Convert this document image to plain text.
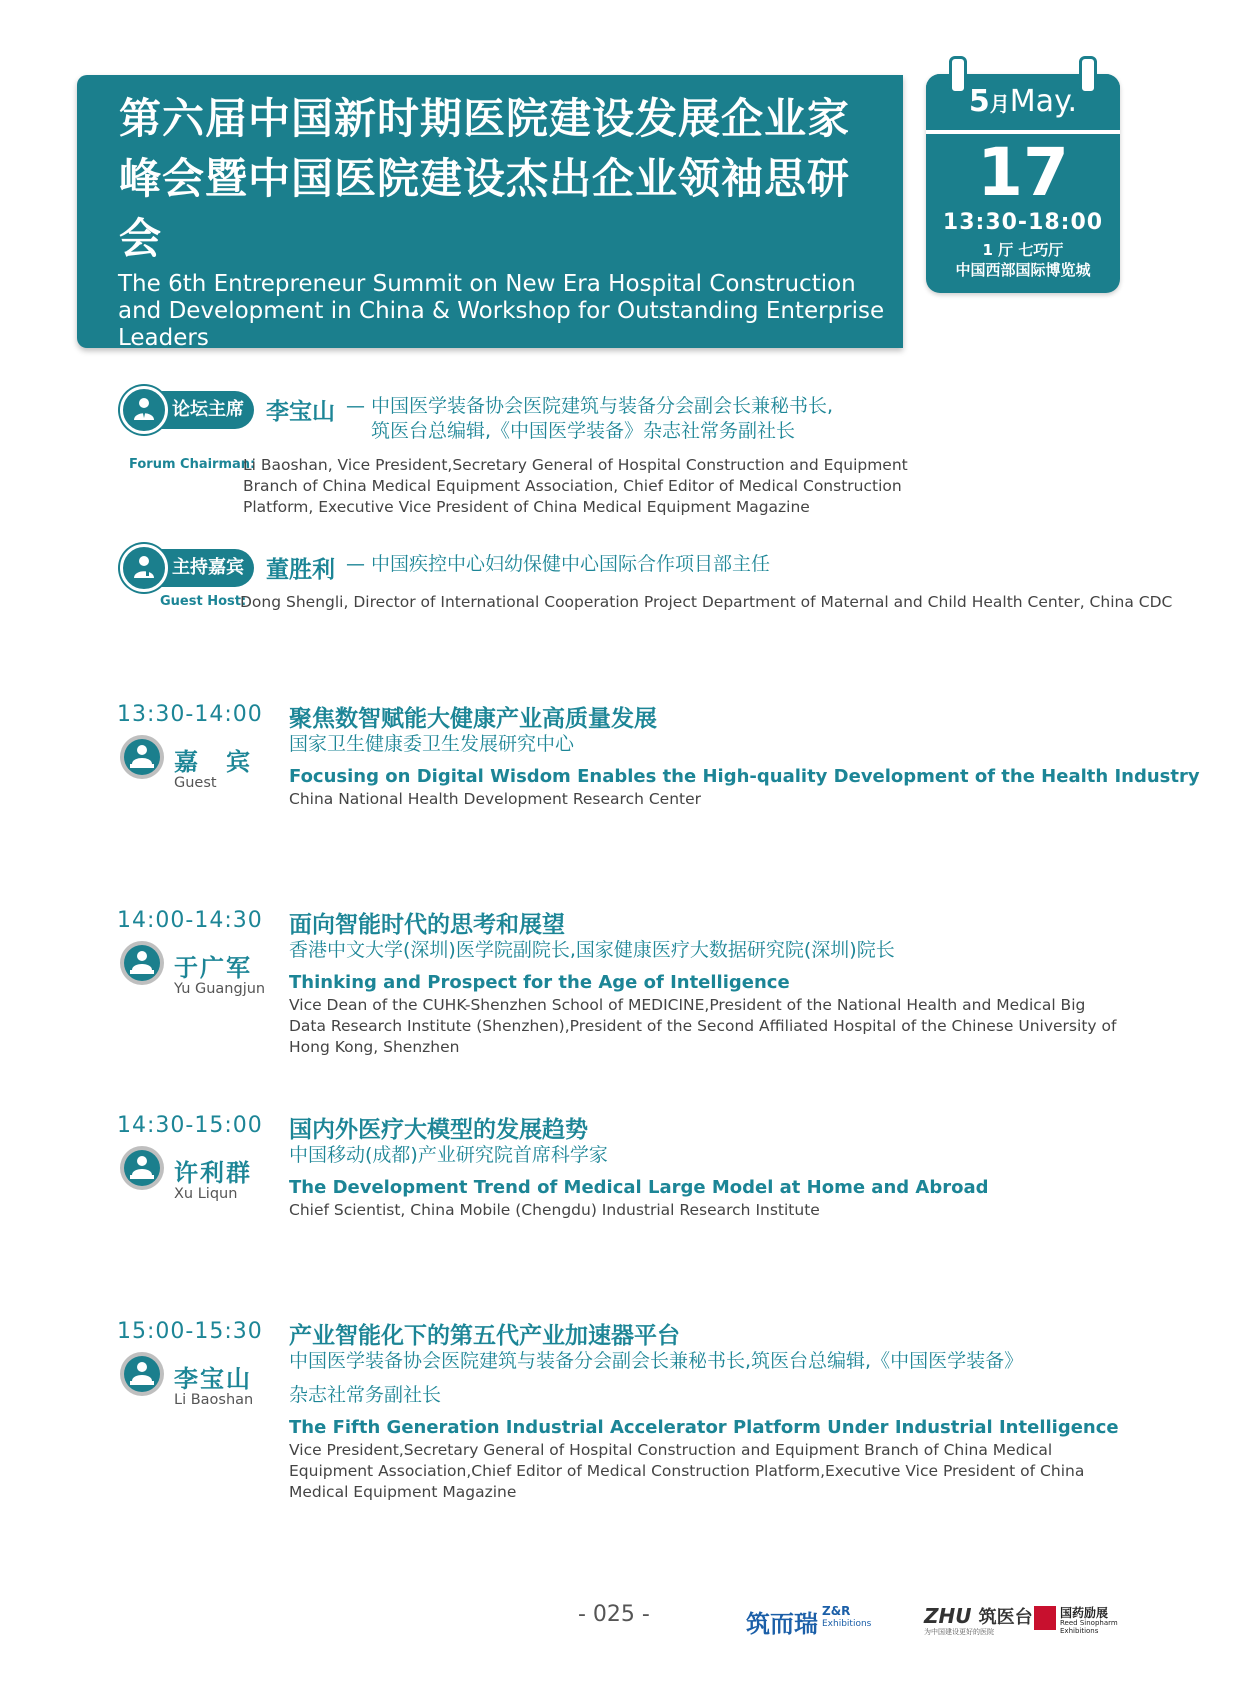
第六届中国新时期医院建设发展企业家峰会暨中国医院建设杰出企业领袖思研会
The 6th Entrepreneur Summit on New Era Hospital Construction and Development in China & Workshop for Outstanding Enterprise Leaders
5月May.
17
13:30-18:00
1 厅 七巧厅
中国西部国际博览城
论坛主席 李宝山 — 中国医学装备协会医院建筑与装备分会副会长兼秘书长,
筑医台总编辑,《中国医学装备》杂志社常务副社长
Forum Chairman:
Li Baoshan, Vice President,Secretary General of Hospital Construction and Equipment
Branch of China Medical Equipment Association, Chief Editor of Medical Construction
Platform, Executive Vice President of China Medical Equipment Magazine
主持嘉宾 董胜利 — 中国疾控中心妇幼保健中心国际合作项目部主任
Guest Host:
Dong Shengli, Director of International Cooperation Project Department of Maternal and Child Health Center, China CDC
13:30-14:00
嘉　宾
Guest
聚焦数智赋能大健康产业高质量发展
国家卫生健康委卫生发展研究中心
Focusing on Digital Wisdom Enables the High-quality Development of the Health Industry
China National Health Development Research Center
14:00-14:30
于广军
Yu Guangjun
面向智能时代的思考和展望
香港中文大学(深圳)医学院副院长,国家健康医疗大数据研究院(深圳)院长
Thinking and Prospect for the Age of Intelligence
Vice Dean of the CUHK-Shenzhen School of MEDICINE,President of the National Health and Medical Big Data Research Institute (Shenzhen),President of the Second Affiliated Hospital of the Chinese University of Hong Kong, Shenzhen
14:30-15:00
许利群
Xu Liqun
国内外医疗大模型的发展趋势
中国移动(成都)产业研究院首席科学家
The Development Trend of Medical Large Model at Home and Abroad
Chief Scientist, China Mobile (Chengdu) Industrial Research Institute
15:00-15:30
李宝山
Li Baoshan
产业智能化下的第五代产业加速器平台
中国医学装备协会医院建筑与装备分会副会长兼秘书长,筑医台总编辑,《中国医学装备》
杂志社常务副社长
The Fifth Generation Industrial Accelerator Platform Under Industrial Intelligence
Vice President,Secretary General of Hospital Construction and Equipment Branch of China Medical Equipment Association,Chief Editor of Medical Construction Platform,Executive Vice President of China Medical Equipment Magazine
- 025 -	筑而瑞 Z&R
Exhibitions	ZHU 筑医台
为中国建设更好的医院
国药励展
Reed Sinopharm
Exhibitions
